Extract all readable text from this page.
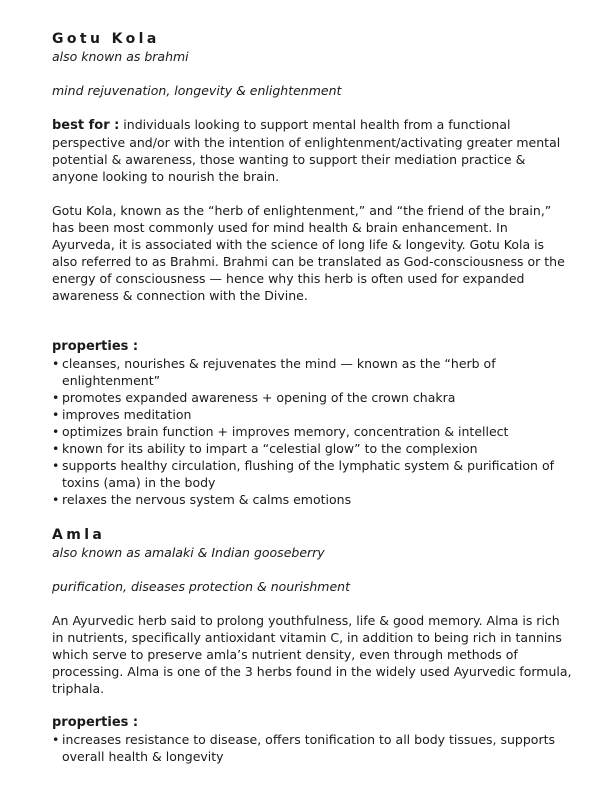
Gotu Kola

also known as brahmi

mind rejuvenation, longevity & enlightenment

best for : individuals looking to support mental health from a functional perspective and/or with the intention of enlightenment/activating greater mental potential & awareness, those wanting to support their mediation practice & anyone looking to nourish the brain.

Gotu Kola, known as the “herb of enlightenment,” and “the friend of the brain,” has been most commonly used for mind health & brain enhancement. In Ayurveda, it is associated with the science of long life & longevity. Gotu Kola is also referred to as Brahmi. Brahmi can be translated as God-consciousness or the energy of consciousness — hence why this herb is often used for expanded awareness & connection with the Divine.

properties :

• cleanses, nourishes & rejuvenates the mind — known as the “herb of enlightenment”
• promotes expanded awareness + opening of the crown chakra
• improves meditation
• optimizes brain function + improves memory, concentration & intellect
• known for its ability to impart a “celestial glow” to the complexion
• supports healthy circulation, flushing of the lymphatic system & purification of toxins (ama) in the body
• relaxes the nervous system & calms emotions
Amla

also known as amalaki & Indian gooseberry

purification, diseases protection & nourishment

An Ayurvedic herb said to prolong youthfulness, life & good memory. Alma is rich in nutrients, specifically antioxidant vitamin C, in addition to being rich in tannins which serve to preserve amla’s nutrient density, even through methods of processing. Alma is one of the 3 herbs found in the widely used Ayurvedic formula, triphala.

properties :

• increases resistance to disease, offers tonification to all body tissues, supports overall health & longevity
